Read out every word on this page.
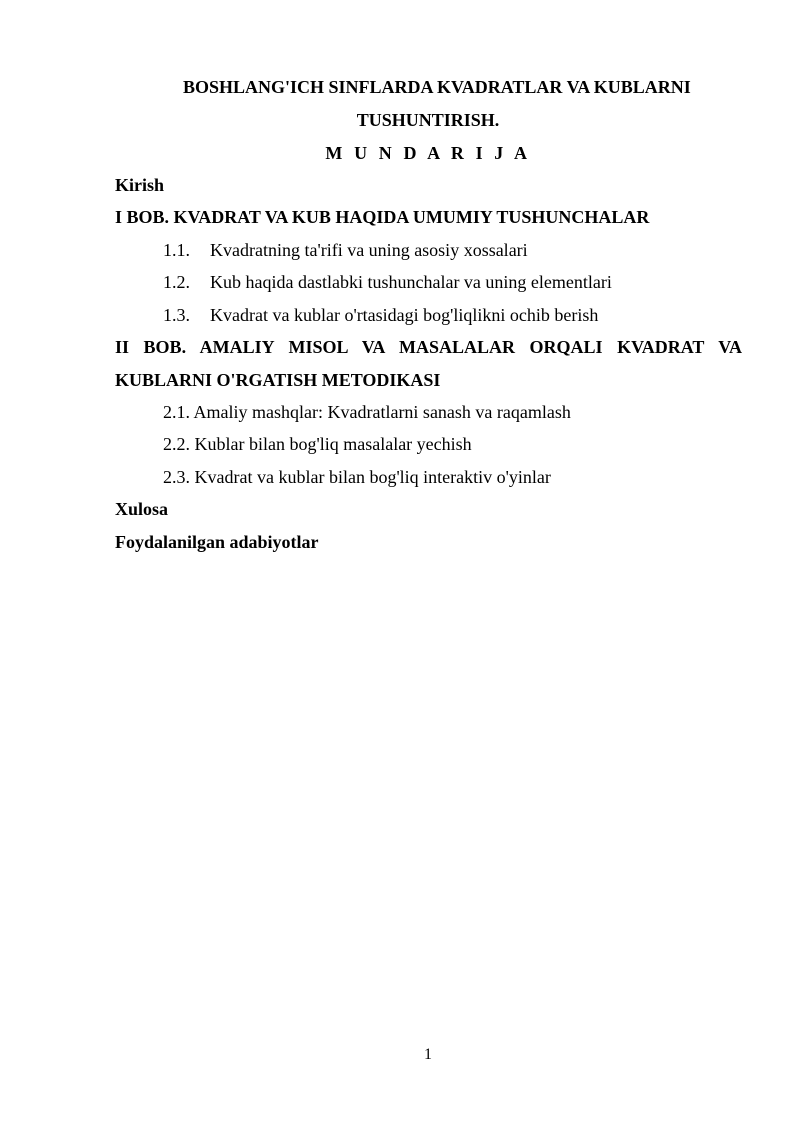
BOSHLANG'ICH SINFLARDA KVADRATLAR VA KUBLARNI
TUSHUNTIRISH.
M U N D A R I J A
Kirish
I BOB. KVADRAT VA KUB HAQIDA UMUMIY TUSHUNCHALAR
1.1. Kvadratning ta'rifi va uning asosiy xossalari
1.2. Kub haqida dastlabki tushunchalar va uning elementlari
1.3. Kvadrat va kublar o'rtasidagi bog'liqlikni ochib berish
II BOB. AMALIY MISOL VA MASALALAR ORQALI KVADRAT VA
KUBLARNI O'RGATISH METODIKASI
2.1. Amaliy mashqlar: Kvadratlarni sanash va raqamlash
2.2. Kublar bilan bog'liq masalalar yechish
2.3. Kvadrat va kublar bilan bog'liq interaktiv o'yinlar
Xulosa
Foydalanilgan adabiyotlar
1
